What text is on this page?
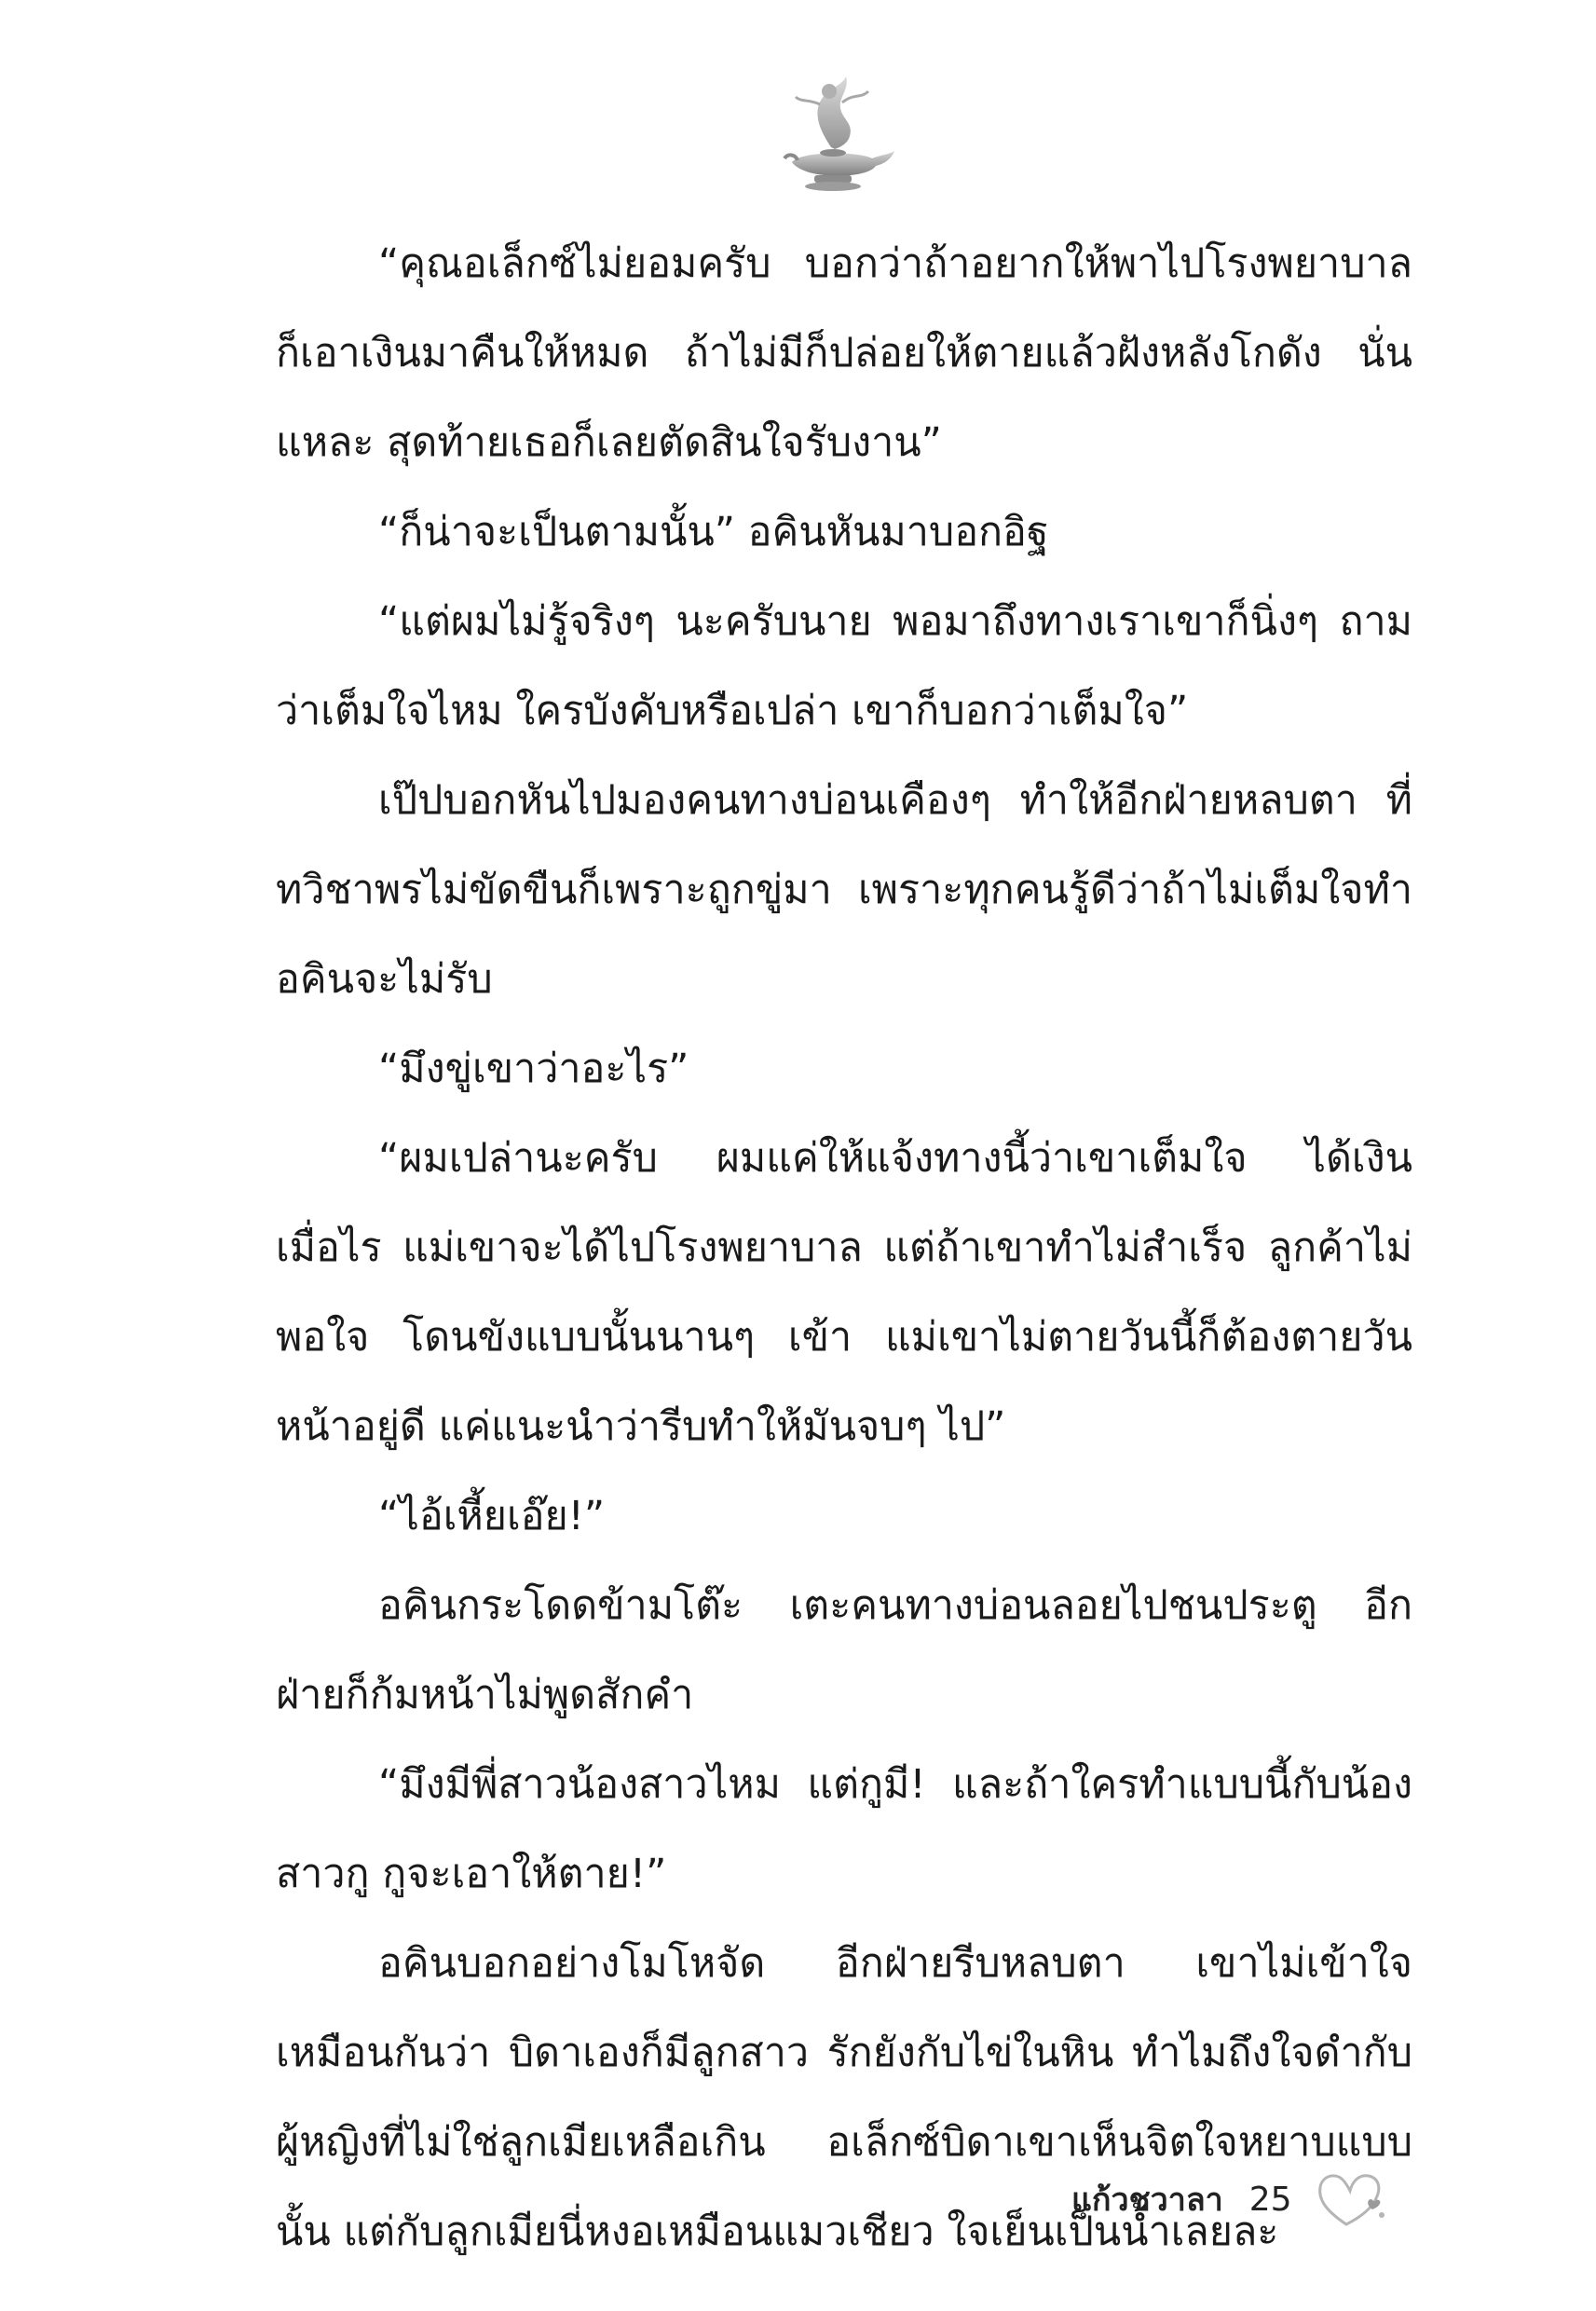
“คุณอเล็กซ์ไม่ยอมครับ บอกว่าถ้าอยากให้พาไปโรงพยาบาล ก็เอาเงินมาคืนให้หมด ถ้าไม่มีก็ปล่อยให้ตายแล้วฝังหลังโกดัง นั่นแหละ สุดท้ายเธอก็เลยตัดสินใจรับงาน”

“ก็น่าจะเป็นตามนั้น” อคินหันมาบอกอิฐ

“แต่ผมไม่รู้จริงๆ นะครับนาย พอมาถึงทางเราเขาก็นิ่งๆ ถามว่าเต็มใจไหม ใครบังคับหรือเปล่า เขาก็บอกว่าเต็มใจ”

เป๊ปบอกหันไปมองคนทางบ่อนเคืองๆ ทำให้อีกฝ่ายหลบตา ที่ทวิชาพรไม่ขัดขืนก็เพราะถูกขู่มา เพราะทุกคนรู้ดีว่าถ้าไม่เต็มใจทำ อคินจะไม่รับ

“มึงขู่เขาว่าอะไร”

“ผมเปล่านะครับ ผมแค่ให้แจ้งทางนี้ว่าเขาเต็มใจ ได้เงินเมื่อไร แม่เขาจะได้ไปโรงพยาบาล แต่ถ้าเขาทำไม่สำเร็จ ลูกค้าไม่พอใจ โดนขังแบบนั้นนานๆ เข้า แม่เขาไม่ตายวันนี้ก็ต้องตายวันหน้าอยู่ดี แค่แนะนำว่ารีบทำให้มันจบๆ ไป”

“ไอ้เหี้ยเอ๊ย!”

อคินกระโดดข้ามโต๊ะ เตะคนทางบ่อนลอยไปชนประตู อีกฝ่ายก็ก้มหน้าไม่พูดสักคำ

“มึงมีพี่สาวน้องสาวไหม แต่กูมี! และถ้าใครทำแบบนี้กับน้องสาวกู กูจะเอาให้ตาย!”

อคินบอกอย่างโมโหจัด อีกฝ่ายรีบหลบตา เขาไม่เข้าใจเหมือนกันว่า บิดาเองก็มีลูกสาว รักยังกับไข่ในหิน ทำไมถึงใจดำกับผู้หญิงที่ไม่ใช่ลูกเมียเหลือเกิน อเล็กซ์บิดาเขาเห็นจิตใจหยาบแบบนั้น แต่กับลูกเมียนี่หงอเหมือนแมวเชียว ใจเย็นเป็นน้ำเลยละ

แก้วชวาลา 25
